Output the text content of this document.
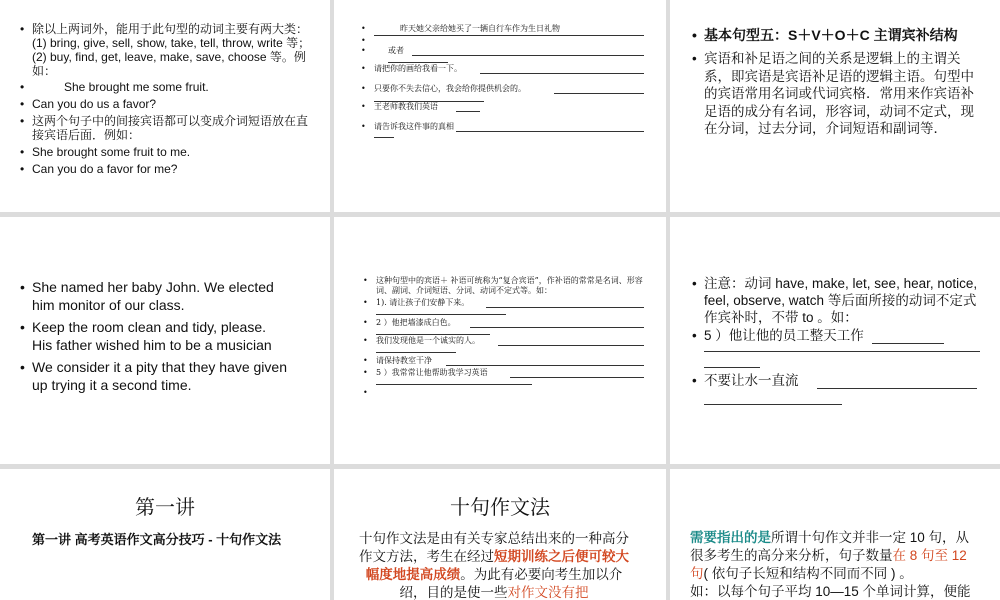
• 除以上两词外，能用于此句型的动词主要有两大类：(1) bring, give, sell, show, take, tell, throw, write 等； (2) buy, find, get, leave, make, save, choose 等。例如：
• She brought me some fruit.
• Can you do us a favor?
• 这两个句子中的间接宾语都可以变成介词短语放在直接宾语后面．例如：
• She brought some fruit to me.
• Can you do a favor for me?
•	昨天她父亲给她买了一辆自行车作为生日礼物
•
•	或者
• 请把你的画给我看一下。
• 只要你不失去信心，我会给你提供机会的。
• 王老师教我们英语
• 请告诉我这件事的真相
• 基本句型五：S＋V＋O＋C 主谓宾补结构
• 宾语和补足语之间的关系是逻辑上的主谓关系，即宾语是宾语补足语的逻辑主语。句型中的宾语常用名词或代词宾格．常用来作宾语补足语的成分有名词，形容词，动词不定式，现在分词，过去分词，介词短语和副词等．
• She named her baby John. We elected
him monitor of our class.
• Keep the room clean and tidy, please.
His father wished him to be a musician
• We consider it a pity that they have given
up trying it a second time.
• 这种句型中的宾语＋ 补语可统称为“复合宾语”，作补语的常常是名词、形容词、副词、介词短语、分词、动词不定式等。如：
• 1). 请让孩子们安静下来。
• 2 ）他把墙漆成白色。
• 我们发现他是一个诚实的人。
• 请保持教室干净
• 5 ）我常常让他帮助我学习英语
•
• 注意：动词 have, make, let, see, hear, notice, feel, observe, watch 等后面所接的动词不定式作宾补时，不带 to 。如：
• 5 ）他让他的员工整天工作
• 不要让水一直流
第一讲
第一讲 高考英语作文高分技巧 - 十句作文法
十句作文法
十句作文法是由有关专家总结出来的一种高分作文方法，考生在经过短期训练之后便可较大幅度地提高成绩。为此有必要向考生加以介绍，目的是使一些对作文没有把
需要指出的是所谓十句作文并非一定 10 句，从很多考生的高分来分析，句子数量在 8 句至 12 句( 依句子长短和结构不同而不同 ) 。
如：以每个句子平均 10—15 个单词计算，便能
